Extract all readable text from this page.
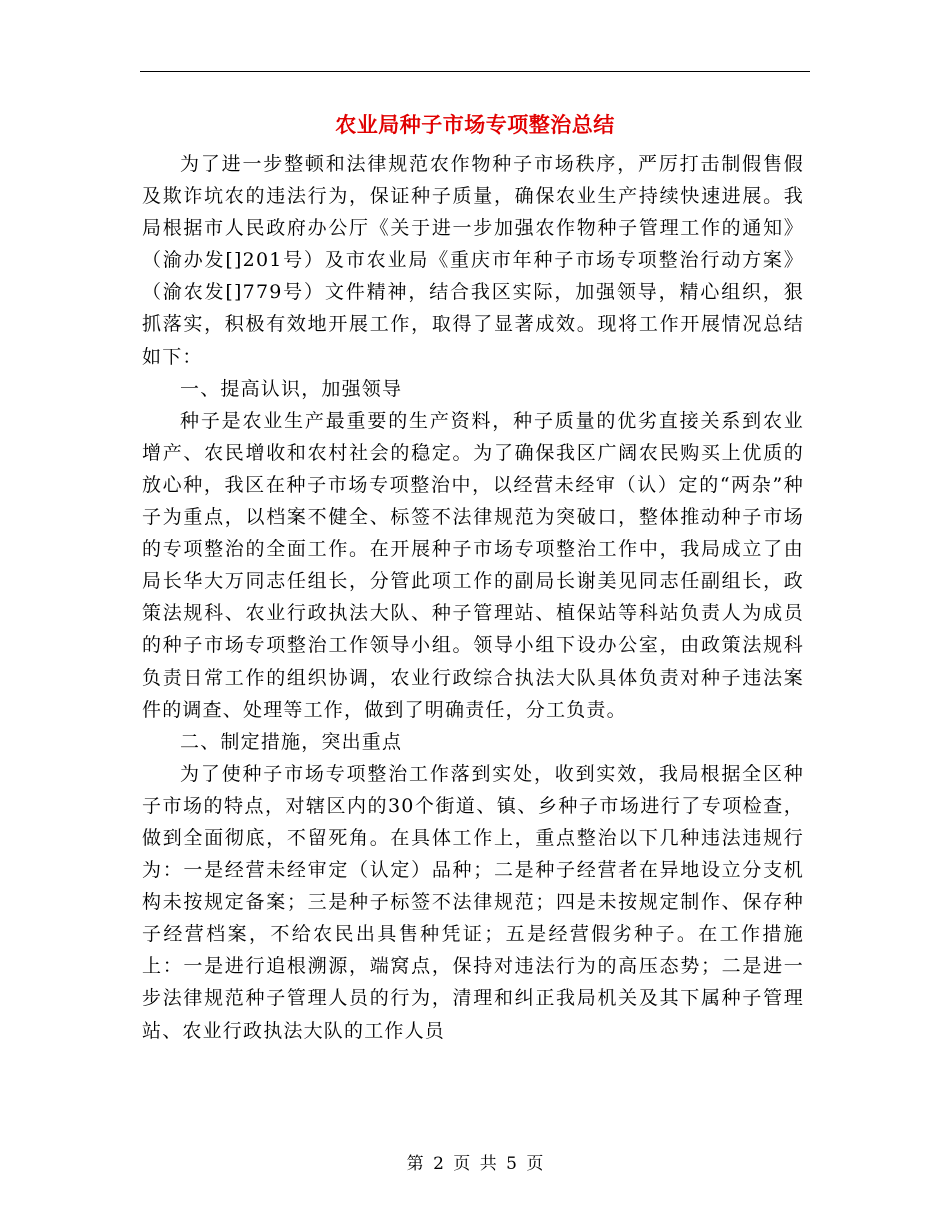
农业局种子市场专项整治总结

为了进一步整顿和法律规范农作物种子市场秩序，严厉打击制假售假及欺诈坑农的违法行为，保证种子质量，确保农业生产持续快速进展。我局根据市人民政府办公厅《关于进一步加强农作物种子管理工作的通知》（渝办发[]201号）及市农业局《重庆市年种子市场专项整治行动方案》（渝农发[]779号）文件精神，结合我区实际，加强领导，精心组织，狠抓落实，积极有效地开展工作，取得了显著成效。现将工作开展情况总结如下：

一、提高认识，加强领导

种子是农业生产最重要的生产资料，种子质量的优劣直接关系到农业增产、农民增收和农村社会的稳定。为了确保我区广阔农民购买上优质的放心种，我区在种子市场专项整治中，以经营未经审（认）定的“两杂”种子为重点，以档案不健全、标签不法律规范为突破口，整体推动种子市场的专项整治的全面工作。在开展种子市场专项整治工作中，我局成立了由局长华大万同志任组长，分管此项工作的副局长谢美见同志任副组长，政策法规科、农业行政执法大队、种子管理站、植保站等科站负责人为成员的种子市场专项整治工作领导小组。领导小组下设办公室，由政策法规科负责日常工作的组织协调，农业行政综合执法大队具体负责对种子违法案件的调查、处理等工作，做到了明确责任，分工负责。

二、制定措施，突出重点

为了使种子市场专项整治工作落到实处，收到实效，我局根据全区种子市场的特点，对辖区内的30个街道、镇、乡种子市场进行了专项检查，做到全面彻底，不留死角。在具体工作上，重点整治以下几种违法违规行为：一是经营未经审定（认定）品种；二是种子经营者在异地设立分支机构未按规定备案；三是种子标签不法律规范；四是未按规定制作、保存种子经营档案，不给农民出具售种凭证；五是经营假劣种子。在工作措施上：一是进行追根溯源，端窝点，保持对违法行为的高压态势；二是进一步法律规范种子管理人员的行为，清理和纠正我局机关及其下属种子管理站、农业行政执法大队的工作人员

第 2 页 共 5 页
